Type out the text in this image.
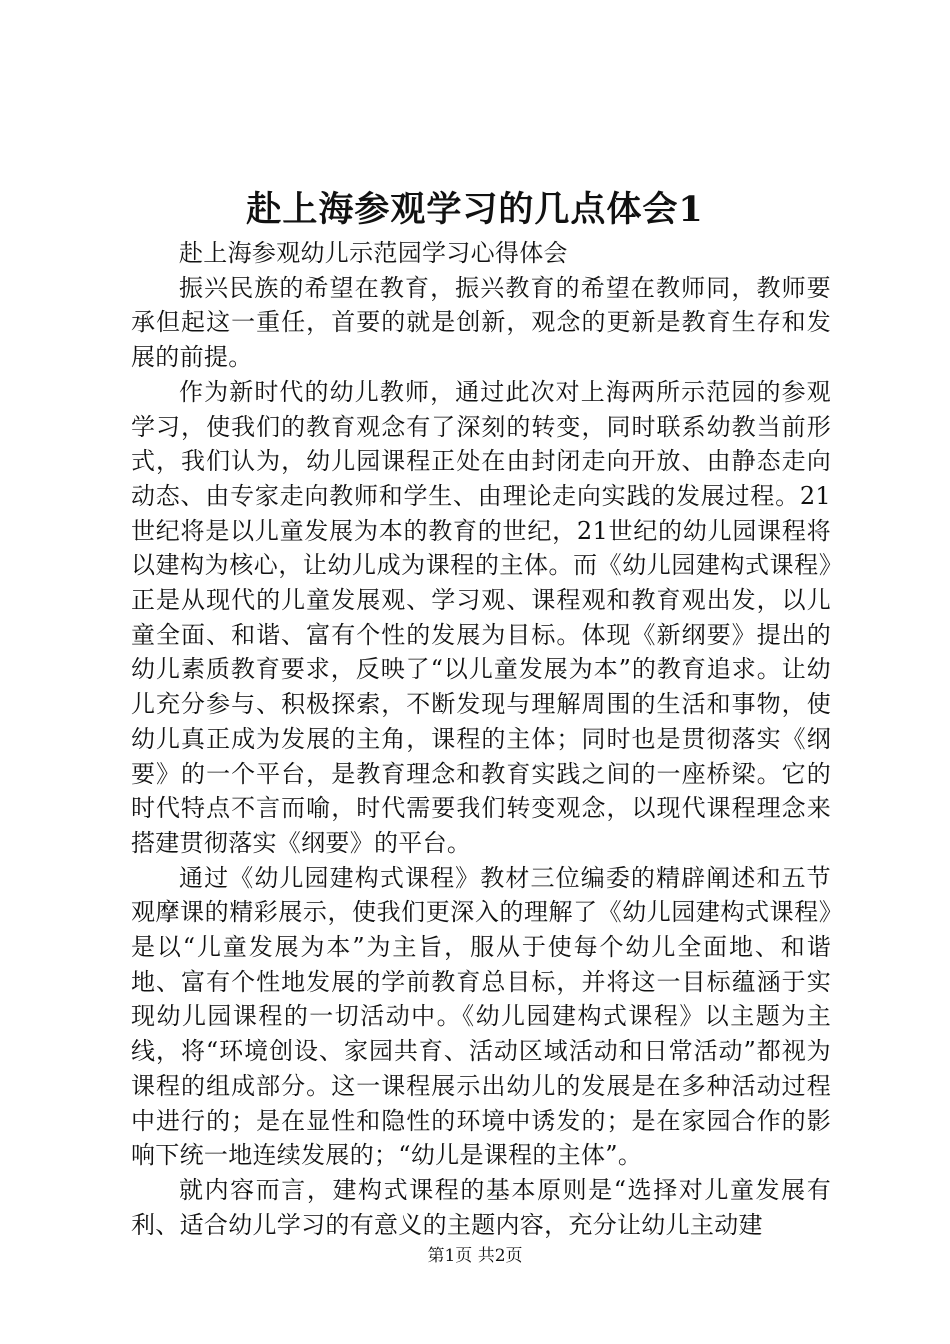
赴上海参观学习的几点体会1

赴上海参观幼儿示范园学习心得体会

振兴民族的希望在教育，振兴教育的希望在教师同，教师要承但起这一重任，首要的就是创新，观念的更新是教育生存和发展的前提。

作为新时代的幼儿教师，通过此次对上海两所示范园的参观学习，使我们的教育观念有了深刻的转变，同时联系幼教当前形式，我们认为，幼儿园课程正处在由封闭走向开放、由静态走向动态、由专家走向教师和学生、由理论走向实践的发展过程。21世纪将是以儿童发展为本的教育的世纪，21世纪的幼儿园课程将以建构为核心，让幼儿成为课程的主体。而《幼儿园建构式课程》正是从现代的儿童发展观、学习观、课程观和教育观出发，以儿童全面、和谐、富有个性的发展为目标。体现《新纲要》提出的幼儿素质教育要求，反映了“以儿童发展为本”的教育追求。让幼儿充分参与、积极探索，不断发现与理解周围的生活和事物，使幼儿真正成为发展的主角，课程的主体；同时也是贯彻落实《纲要》的一个平台，是教育理念和教育实践之间的一座桥梁。它的时代特点不言而喻，时代需要我们转变观念，以现代课程理念来搭建贯彻落实《纲要》的平台。

通过《幼儿园建构式课程》教材三位编委的精辟阐述和五节观摩课的精彩展示，使我们更深入的理解了《幼儿园建构式课程》是以“儿童发展为本”为主旨，服从于使每个幼儿全面地、和谐地、富有个性地发展的学前教育总目标，并将这一目标蕴涵于实现幼儿园课程的一切活动中。《幼儿园建构式课程》以主题为主线，将“环境创设、家园共育、活动区域活动和日常活动”都视为课程的组成部分。这一课程展示出幼儿的发展是在多种活动过程中进行的；是在显性和隐性的环境中诱发的；是在家园合作的影响下统一地连续发展的；“幼儿是课程的主体”。

就内容而言，建构式课程的基本原则是“选择对儿童发展有利、适合幼儿学习的有意义的主题内容，充分让幼儿主动建

第1页 共2页
